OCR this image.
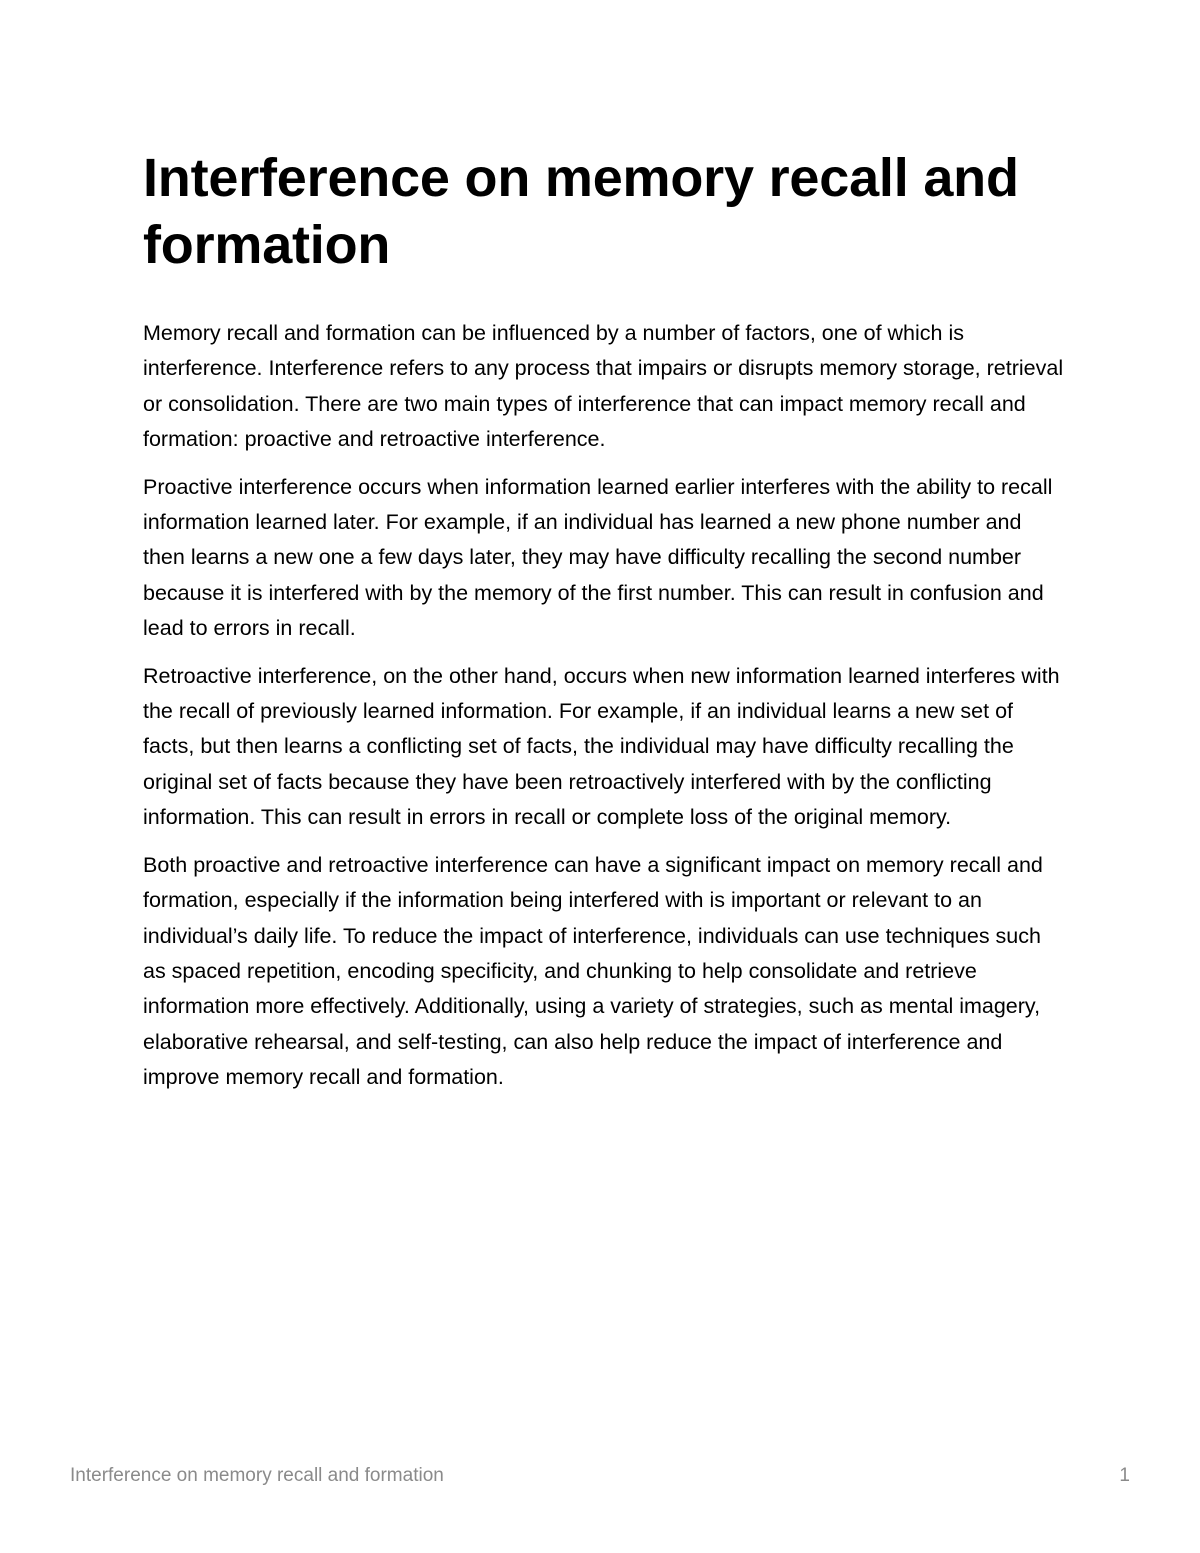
Interference on memory recall and formation

Memory recall and formation can be influenced by a number of factors, one of which is interference. Interference refers to any process that impairs or disrupts memory storage, retrieval or consolidation. There are two main types of interference that can impact memory recall and formation: proactive and retroactive interference.

Proactive interference occurs when information learned earlier interferes with the ability to recall information learned later. For example, if an individual has learned a new phone number and then learns a new one a few days later, they may have difficulty recalling the second number because it is interfered with by the memory of the first number. This can result in confusion and lead to errors in recall.

Retroactive interference, on the other hand, occurs when new information learned interferes with the recall of previously learned information. For example, if an individual learns a new set of facts, but then learns a conflicting set of facts, the individual may have difficulty recalling the original set of facts because they have been retroactively interfered with by the conflicting information. This can result in errors in recall or complete loss of the original memory.

Both proactive and retroactive interference can have a significant impact on memory recall and formation, especially if the information being interfered with is important or relevant to an individual’s daily life. To reduce the impact of interference, individuals can use techniques such as spaced repetition, encoding specificity, and chunking to help consolidate and retrieve information more effectively. Additionally, using a variety of strategies, such as mental imagery, elaborative rehearsal, and self-testing, can also help reduce the impact of interference and improve memory recall and formation.

Interference on memory recall and formation	1
